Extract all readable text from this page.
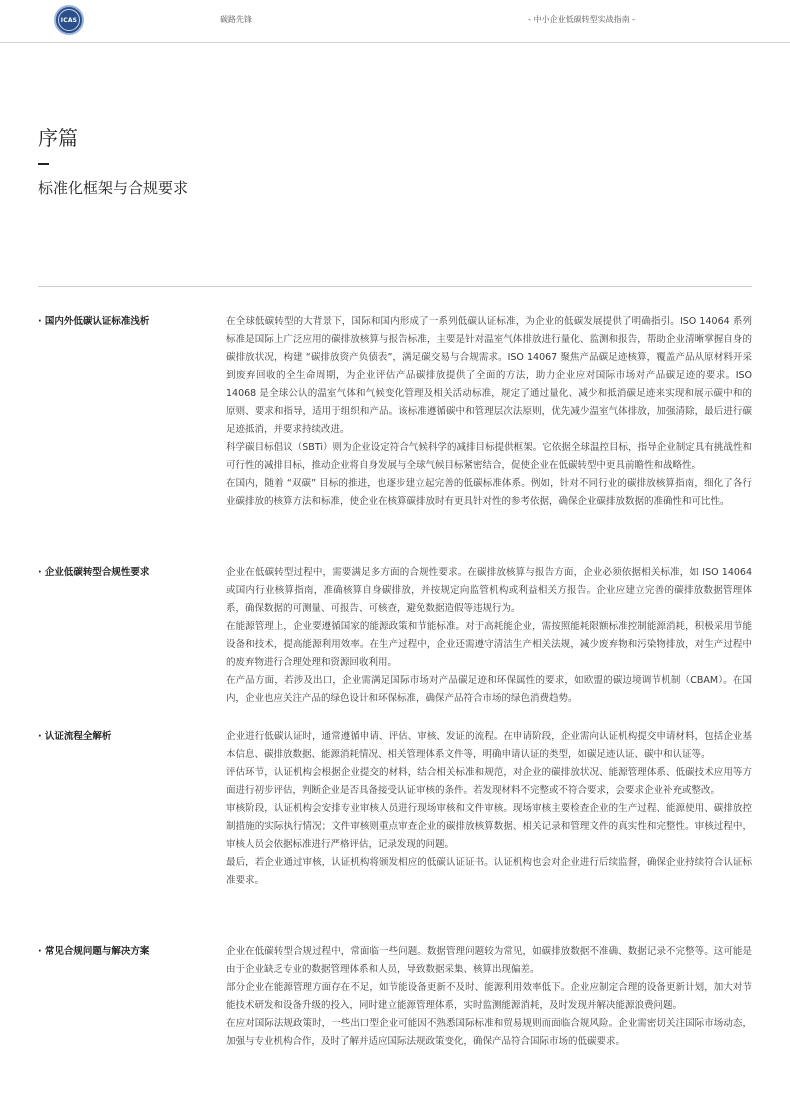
ICAS	碳路先锋	- 中小企业低碳转型实战指南 -
序篇
标准化框架与合规要求
· 国内外低碳认证标准浅析	在全球低碳转型的大背景下，国际和国内形成了一系列低碳认证标准，为企业的低碳发展提供了明确指引。ISO 14064 系列标准是国际上广泛应用的碳排放核算与报告标准，主要是针对温室气体排放进行量化、监测和报告，帮助企业清晰掌握自身的碳排放状况，构建 “碳排放资产负债表”，满足碳交易与合规需求。ISO 14067 聚焦产品碳足迹核算，覆盖产品从原材料开采到废弃回收的全生命周期，为企业评估产品碳排放提供了全面的方法，助力企业应对国际市场对产品碳足迹的要求。ISO 14068 是全球公认的温室气体和气候变化管理及相关活动标准，规定了通过量化、减少和抵消碳足迹来实现和展示碳中和的原则、要求和指导，适用于组织和产品。该标准遵循碳中和管理层次法原则，优先减少温室气体排放，加强清除，最后进行碳足迹抵消，并要求持续改进。

科学碳目标倡议（SBTi）则为企业设定符合气候科学的减排目标提供框架。它依据全球温控目标，指导企业制定具有挑战性和可行性的减排目标，推动企业将自身发展与全球气候目标紧密结合，促使企业在低碳转型中更具前瞻性和战略性。

在国内，随着 “双碳” 目标的推进，也逐步建立起完善的低碳标准体系。例如，针对不同行业的碳排放核算指南，细化了各行业碳排放的核算方法和标准，使企业在核算碳排放时有更具针对性的参考依据，确保企业碳排放数据的准确性和可比性。

· 企业低碳转型合规性要求	企业在低碳转型过程中，需要满足多方面的合规性要求。在碳排放核算与报告方面，企业必须依据相关标准，如 ISO 14064 或国内行业核算指南，准确核算自身碳排放，并按规定向监管机构或利益相关方报告。企业应建立完善的碳排放数据管理体系，确保数据的可测量、可报告、可核查，避免数据造假等违规行为。

在能源管理上，企业要遵循国家的能源政策和节能标准。对于高耗能企业，需按照能耗限额标准控制能源消耗，积极采用节能设备和技术，提高能源利用效率。在生产过程中，企业还需遵守清洁生产相关法规，减少废弃物和污染物排放，对生产过程中的废弃物进行合理处理和资源回收利用。

在产品方面，若涉及出口，企业需满足国际市场对产品碳足迹和环保属性的要求，如欧盟的碳边境调节机制（CBAM）。在国内，企业也应关注产品的绿色设计和环保标准，确保产品符合市场的绿色消费趋势。

· 认证流程全解析	企业进行低碳认证时，通常遵循申请、评估、审核、发证的流程。在申请阶段，企业需向认证机构提交申请材料，包括企业基本信息、碳排放数据、能源消耗情况、相关管理体系文件等，明确申请认证的类型，如碳足迹认证、碳中和认证等。

评估环节，认证机构会根据企业提交的材料，结合相关标准和规范，对企业的碳排放状况、能源管理体系、低碳技术应用等方面进行初步评估，判断企业是否具备接受认证审核的条件。若发现材料不完整或不符合要求，会要求企业补充或整改。

审核阶段，认证机构会安排专业审核人员进行现场审核和文件审核。现场审核主要检查企业的生产过程、能源使用、碳排放控制措施的实际执行情况；文件审核则重点审查企业的碳排放核算数据、相关记录和管理文件的真实性和完整性。审核过程中，审核人员会依据标准进行严格评估，记录发现的问题。

最后，若企业通过审核，认证机构将颁发相应的低碳认证证书。认证机构也会对企业进行后续监督，确保企业持续符合认证标准要求。

· 常见合规问题与解决方案	企业在低碳转型合规过程中，常面临一些问题。数据管理问题较为常见，如碳排放数据不准确、数据记录不完整等。这可能是由于企业缺乏专业的数据管理体系和人员，导致数据采集、核算出现偏差。

部分企业在能源管理方面存在不足，如节能设备更新不及时、能源利用效率低下。企业应制定合理的设备更新计划，加大对节能技术研发和设备升级的投入，同时建立能源管理体系，实时监测能源消耗，及时发现并解决能源浪费问题。

在应对国际法规政策时，一些出口型企业可能因不熟悉国际标准和贸易规则而面临合规风险。企业需密切关注国际市场动态，加强与专业机构合作，及时了解并适应国际法规政策变化，确保产品符合国际市场的低碳要求。
